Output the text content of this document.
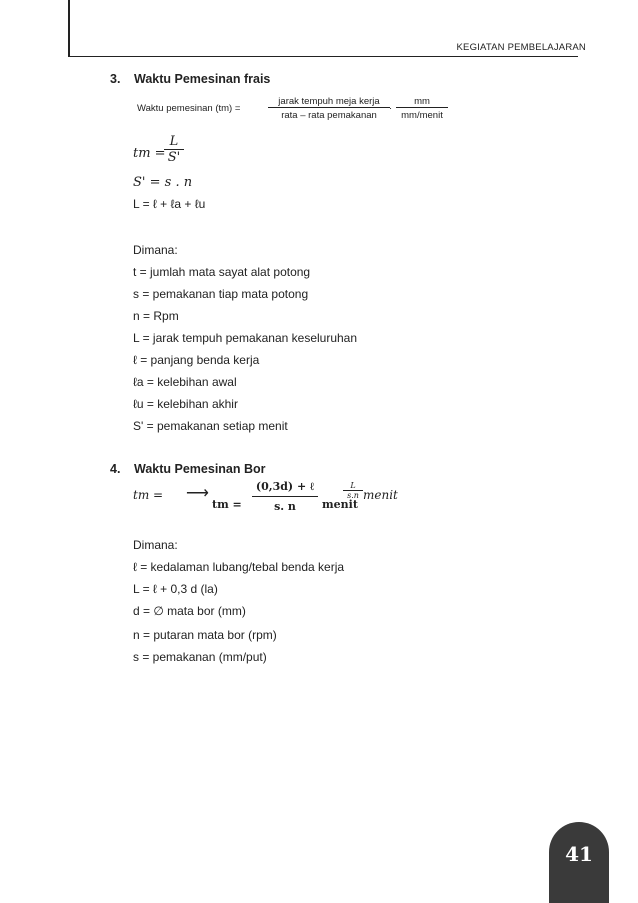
KEGIATAN PEMBELAJARAN
3. Waktu Pemesinan frais
Waktu pemesinan (tm) =
jarak tempuh meja kerja
rata – rata pemakanan
·
mm
mm/menit
tm =
$\frac{L}{S'}$
S' = s . n
L = ℓ + ℓa + ℓu
Dimana:
t = jumlah mata sayat alat potong
s = pemakanan tiap mata potong
n = Rpm
L = jarak tempuh pemakanan keseluruhan
ℓ = panjang benda kerja
ℓa = kelebihan awal
ℓu = kelebihan akhir
S' = pemakanan setiap menit
4. Waktu Pemesinan Bor
tm = ⟶
tm =
(0,3d) + ℓ
s. n	menit
$\frac{L}{s.n}$ menit
Dimana:
ℓ = kedalaman lubang/tebal benda kerja
L = ℓ + 0,3 d (la)
d = ∅ mata bor (mm)
n = putaran mata bor (rpm)
s = pemakanan (mm/put)
41
